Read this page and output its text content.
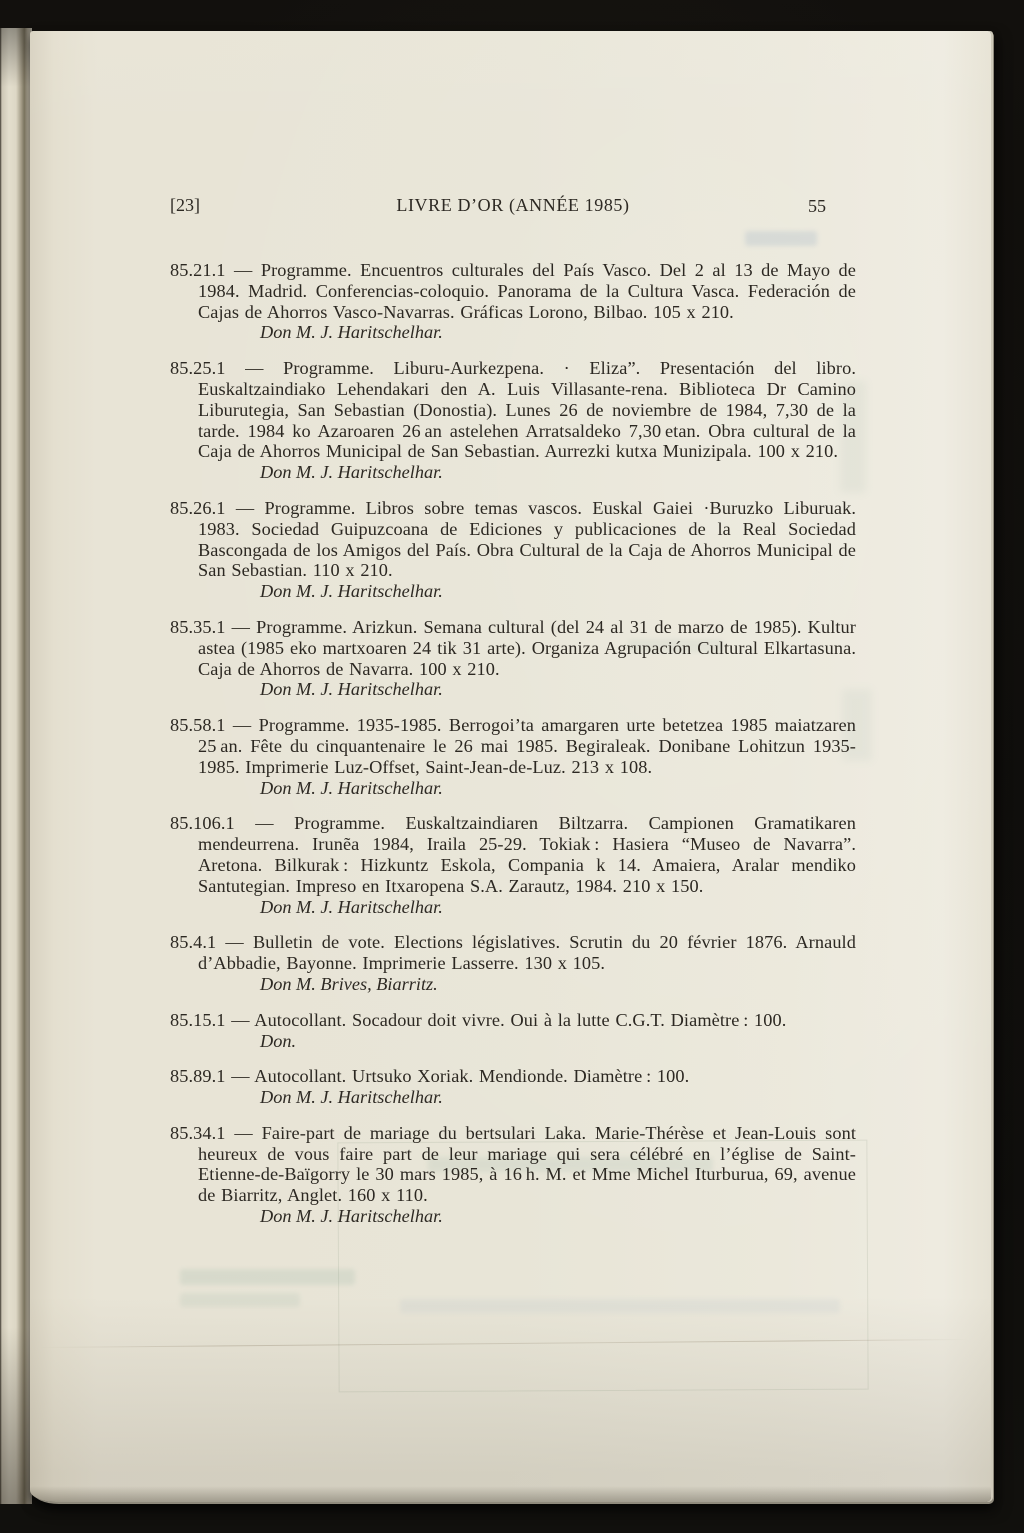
[23]	LIVRE D’OR (ANNÉE 1985)	55

85.21.1 — Programme. Encuentros culturales del País Vasco. Del 2 al 13 de Mayo de 1984. Madrid. Conferencias-coloquio. Panorama de la Cultura Vasca. Federación de Cajas de Ahorros Vasco-Navarras. Gráficas Lorono, Bilbao. 105 x 210.

Don M. J. Haritschelhar.

85.25.1 — Programme. Liburu-Aurkezpena. · Eliza”. Presentación del libro. Euskaltzaindiako Lehendakari den A. Luis Villasante-rena. Biblioteca Dr Camino Liburutegia, San Sebastian (Donostia). Lunes 26 de noviembre de 1984, 7,30 de la tarde. 1984 ko Azaroaren 26 an astelehen Arratsaldeko 7,30 etan. Obra cultural de la Caja de Ahorros Municipal de San Sebastian. Aurrezki kutxa Munizipala. 100 x 210.

Don M. J. Haritschelhar.

85.26.1 — Programme. Libros sobre temas vascos. Euskal Gaiei ·Buruzko Liburuak. 1983. Sociedad Guipuzcoana de Ediciones y publicaciones de la Real Sociedad Bascongada de los Amigos del País. Obra Cultural de la Caja de Ahorros Municipal de San Sebastian. 110 x 210.

Don M. J. Haritschelhar.

85.35.1 — Programme. Arizkun. Semana cultural (del 24 al 31 de marzo de 1985). Kultur astea (1985 eko martxoaren 24 tik 31 arte). Organiza Agrupación Cultural Elkartasuna. Caja de Ahorros de Navarra. 100 x 210.

Don M. J. Haritschelhar.

85.58.1 — Programme. 1935-1985. Berrogoi’ta amargaren urte betetzea 1985 maiatzaren 25 an. Fête du cinquantenaire le 26 mai 1985. Begiraleak. Donibane Lohitzun 1935-1985. Imprimerie Luz-Offset, Saint-Jean-de-Luz. 213 x 108.

Don M. J. Haritschelhar.

85.106.1 — Programme. Euskaltzaindiaren Biltzarra. Campionen Gramatikaren mendeurrena. Irunẽa 1984, Iraila 25-29. Tokiak : Hasiera “Museo de Navarra”. Aretona. Bilkurak : Hizkuntz Eskola, Compania k 14. Amaiera, Aralar mendiko Santutegian. Impreso en Itxaropena S.A. Zarautz, 1984. 210 x 150.

Don M. J. Haritschelhar.

85.4.1 — Bulletin de vote. Elections législatives. Scrutin du 20 février 1876. Arnauld d’Abbadie, Bayonne. Imprimerie Lasserre. 130 x 105.

Don M. Brives, Biarritz.

85.15.1 — Autocollant. Socadour doit vivre. Oui à la lutte C.G.T. Diamètre : 100.

Don.

85.89.1 — Autocollant. Urtsuko Xoriak. Mendionde. Diamètre : 100.

Don M. J. Haritschelhar.

85.34.1 — Faire-part de mariage du bertsulari Laka. Marie-Thérèse et Jean-Louis sont heureux de vous faire part de leur mariage qui sera célébré en l’église de Saint-Etienne-de-Baïgorry le 30 mars 1985, à 16 h. M. et Mme Michel Iturburua, 69, avenue de Biarritz, Anglet. 160 x 110.

Don M. J. Haritschelhar.
